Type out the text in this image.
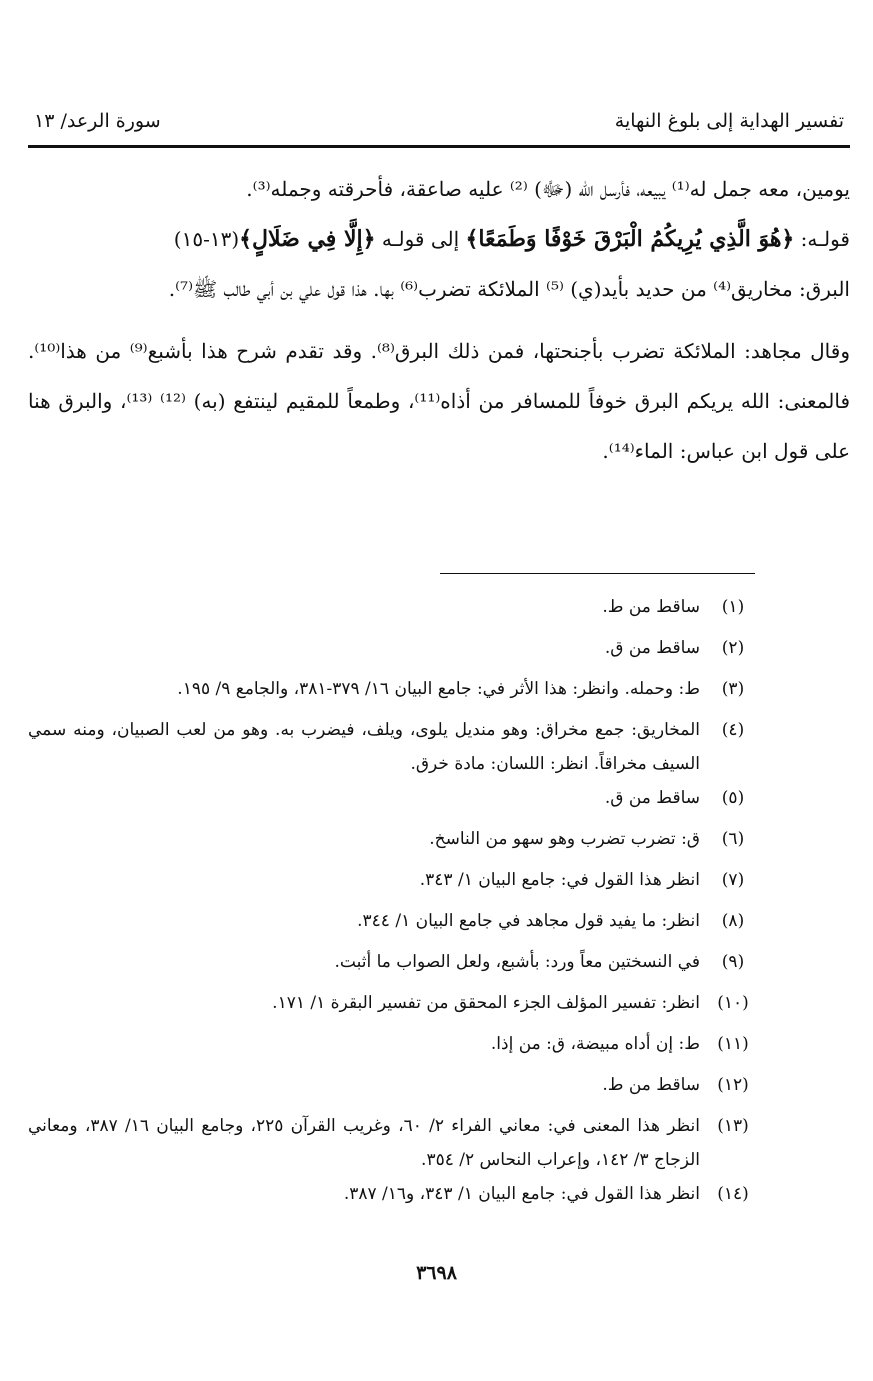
تفسير الهداية إلى بلوغ النهاية
سورة الرعد/ ١٣

يومين، معه جمل له⁽¹⁾ يبيعه، فأرسل الله (ﷻ) ⁽²⁾ عليه صاعقة، فأحرقته وجمله⁽³⁾.

قولـه: ﴿هُوَ الَّذِي يُرِيكُمُ الْبَرْقَ خَوْفًا وَطَمَعًا﴾ إلى قولـه ﴿إِلَّا فِي ضَلَالٍ﴾(١٣-١٥)

البرق: مخاريق⁽⁴⁾ من حديد بأيد(ي) ⁽⁵⁾ الملائكة تضرب⁽⁶⁾ بها. هذا قول علي بن أبي طالب ﷺ⁽⁷⁾.

وقال مجاهد: الملائكة تضرب بأجنحتها، فمن ذلك البرق⁽⁸⁾. وقد تقدم شرح هذا بأشبع⁽⁹⁾ من هذا⁽¹⁰⁾. فالمعنى: الله يريكم البرق خوفاً للمسافر من أذاه⁽¹¹⁾، وطمعاً للمقيم لينتفع (به) ⁽¹²⁾ ⁽¹³⁾، والبرق هنا على قول ابن عباس: الماء⁽¹⁴⁾.

(١)
ساقط من ط.
(٢)
ساقط من ق.
(٣)
ط: وحمله. وانظر: هذا الأثر في: جامع البيان ١٦/ ٣٧٩-٣٨١، والجامع ٩/ ١٩٥.
(٤)
المخاريق: جمع مخراق: وهو منديل يلوى، ويلف، فيضرب به. وهو من لعب الصبيان، ومنه سمي السيف مخراقاً. انظر: اللسان: مادة خرق.
(٥)
ساقط من ق.
(٦)
ق: تضرب تضرب وهو سهو من الناسخ.
(٧)
انظر هذا القول في: جامع البيان ١/ ٣٤٣.
(٨)
انظر: ما يفيد قول مجاهد في جامع البيان ١/ ٣٤٤.
(٩)
في النسختين معاً ورد: بأشبع، ولعل الصواب ما أثبت.
(١٠)
انظر: تفسير المؤلف الجزء المحقق من تفسير البقرة ١/ ١٧١.
(١١)
ط: إن أداه مبيضة، ق: من إذا.
(١٢)
ساقط من ط.
(١٣)
انظر هذا المعنى في: معاني الفراء ٢/ ٦٠، وغريب القرآن ٢٢٥، وجامع البيان ١٦/ ٣٨٧، ومعاني الزجاج ٣/ ١٤٢، وإعراب النحاس ٢/ ٣٥٤.
(١٤)
انظر هذا القول في: جامع البيان ١/ ٣٤٣، و١٦/ ٣٨٧.
٣٦٩٨
